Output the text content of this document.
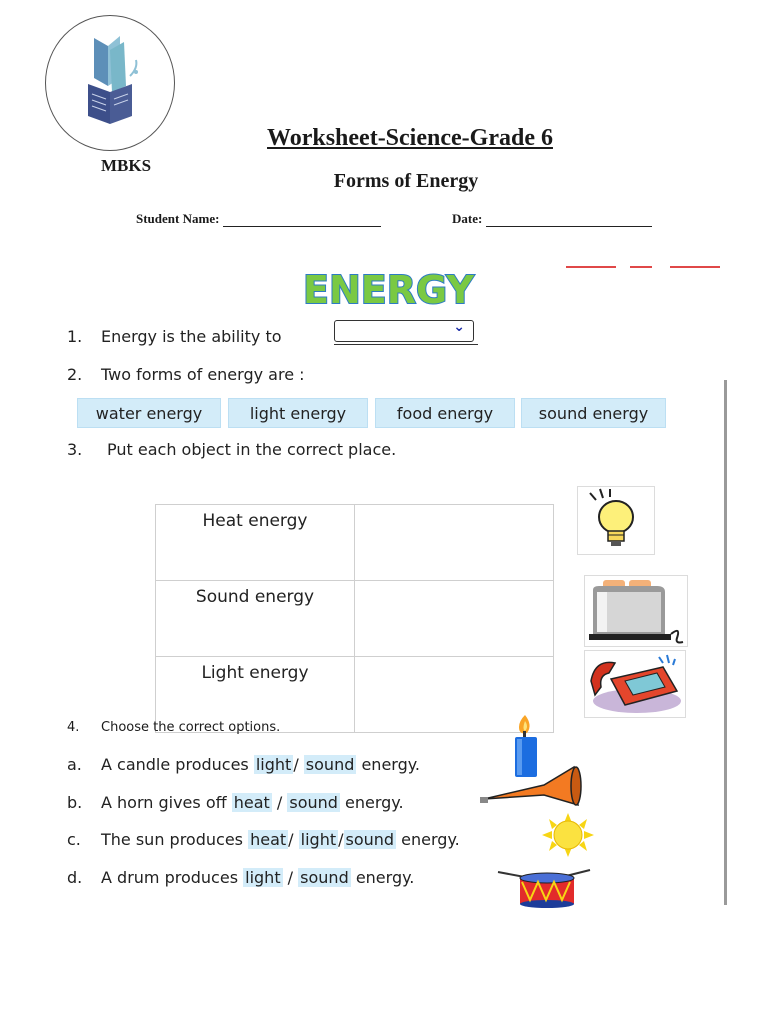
MBKS
Worksheet-Science-Grade 6
Forms of Energy
Student Name:	Date:
ENERGY
1. Energy is the ability to	⌄
2. Two forms of energy are :
water energy	light energy	food energy	sound energy
3. Put each object in the correct place.
Heat energy	
Sound energy	
Light energy	
4. Choose the correct options.
a. A candle produces light / sound energy.
b. A horn gives off heat / sound energy.
c. The sun produces heat / light / sound energy.
d. A drum produces light / sound energy.
